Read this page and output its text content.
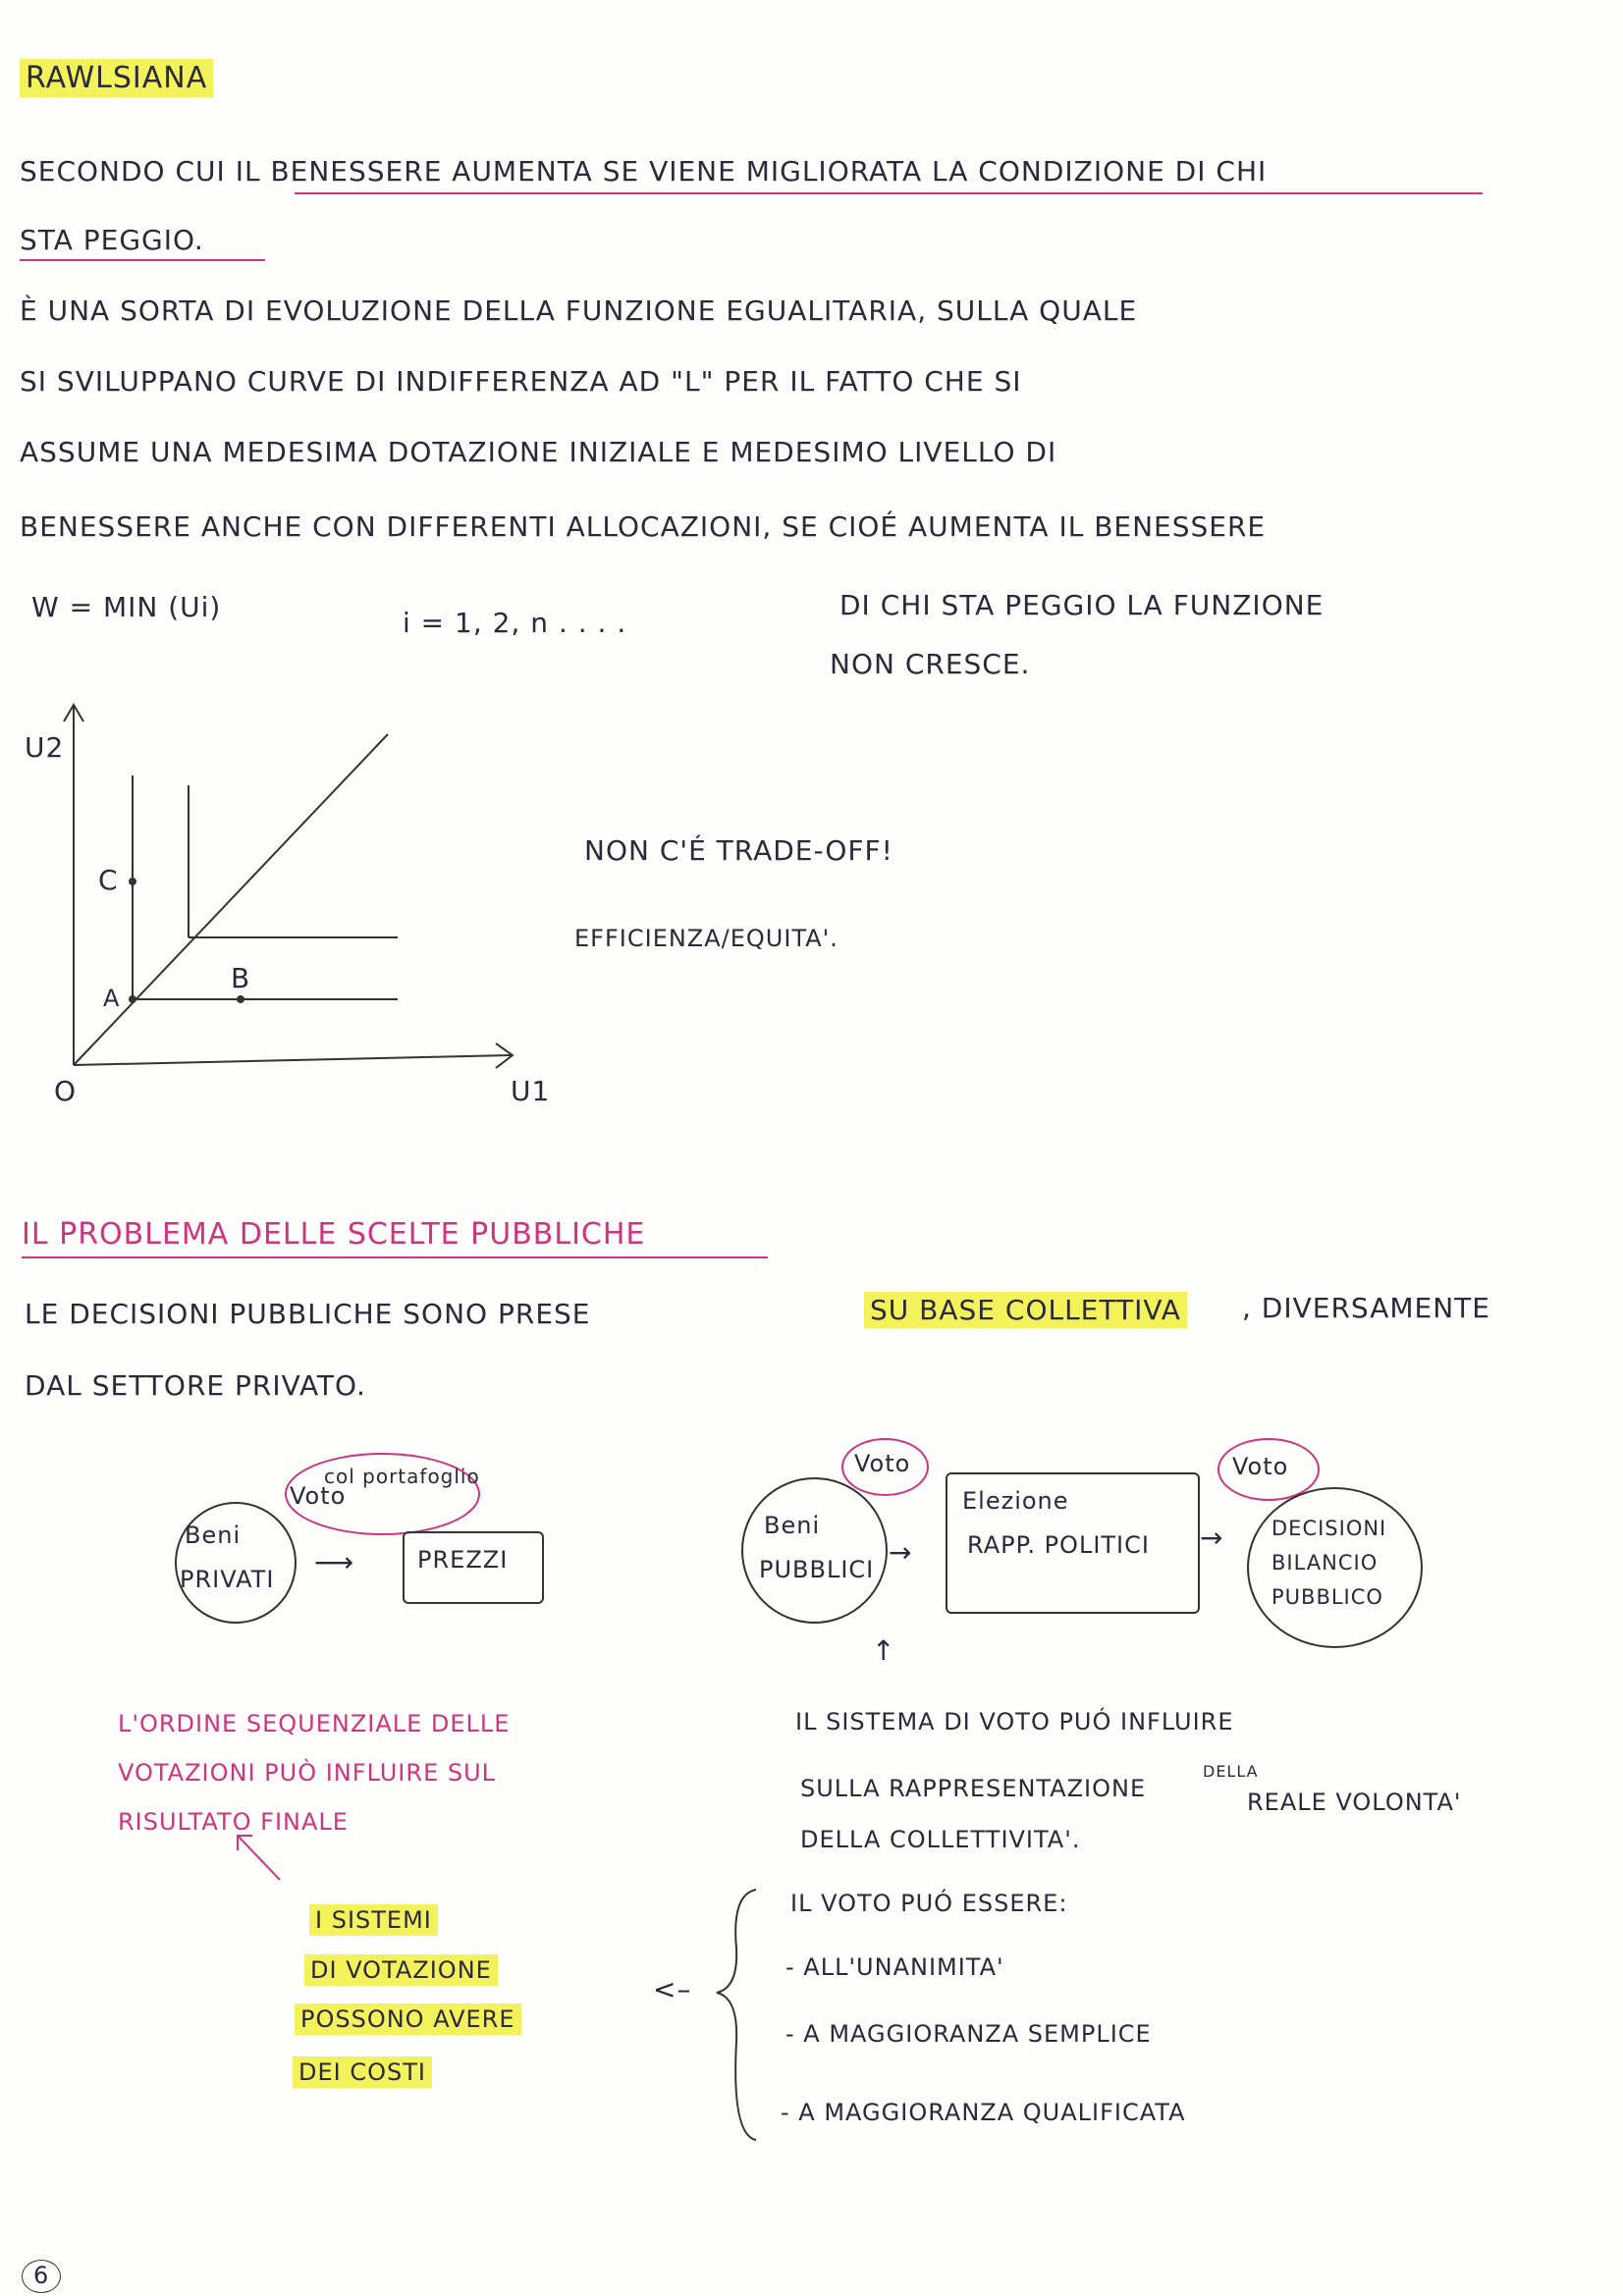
RAWLSIANA
SECONDO CUI IL BENESSERE AUMENTA SE VIENE MIGLIORATA LA CONDIZIONE DI CHI
STA PEGGIO.
È UNA SORTA DI EVOLUZIONE DELLA FUNZIONE EGUALITARIA, SULLA QUALE
SI SVILUPPANO CURVE DI INDIFFERENZA AD "L" PER IL FATTO CHE SI
ASSUME UNA MEDESIMA DOTAZIONE INIZIALE E MEDESIMO LIVELLO DI
BENESSERE ANCHE CON DIFFERENTI ALLOCAZIONI, SE CIOÉ AUMENTA IL BENESSERE
W = MIN (Ui)	i = 1, 2, n . . . .
DI CHI STA PEGGIO LA FUNZIONE
NON CRESCE.
U2
U1
O
A
B
C
NON C'É TRADE-OFF!
EFFICIENZA/EQUITA'.
IL PROBLEMA DELLE SCELTE PUBBLICHE
LE DECISIONI PUBBLICHE SONO PRESE	SU BASE COLLETTIVA , DIVERSAMENTE
DAL SETTORE PRIVATO.
Beni
PRIVATI
Voto
col portafoglio
PREZZI
⟶
Beni
PUBBLICI
Voto
→
Elezione
RAPP. POLITICI →
Voto
DECISIONI
BILANCIO
PUBBLICO
↑
L'ORDINE SEQUENZIALE DELLE
VOTAZIONI PUÒ INFLUIRE SUL
RISULTATO FINALE
IL SISTEMA DI VOTO PUÓ INFLUIRE
SULLA RAPPRESENTAZIONE
DELLA
REALE VOLONTA'
DELLA COLLETTIVITA'.
I SISTEMI
DI VOTAZIONE
POSSONO AVERE
DEI COSTI
<–
IL VOTO PUÓ ESSERE:
- ALL'UNANIMITA'
- A MAGGIORANZA SEMPLICE
- A MAGGIORANZA QUALIFICATA
6
